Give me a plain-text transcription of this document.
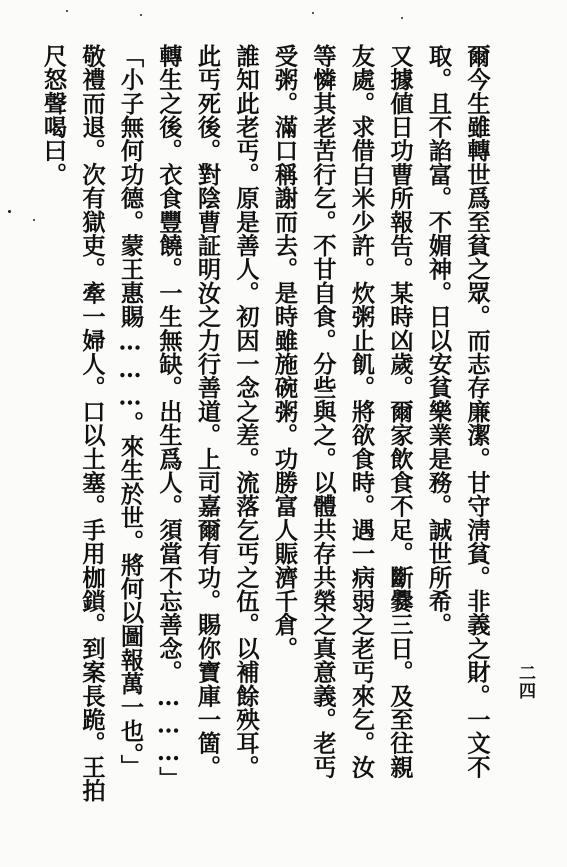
二四
爾今生雖轉世爲至貧之眾。而志存廉潔。甘守淸貧。非義之財。一文不
取。且不諂富。不媚神。日以安貧樂業是務。誠世所希。
又據値日功曹所報告。某時凶歲。爾家飲食不足。斷爨三日。及至往親
友處。求借白米少許。炊粥止飢。將欲食時。遇一病弱之老丐來乞。汝
等憐其老苦行乞。不甘自食。分些與之。以體共存共榮之真意義。老丐
受粥。滿口稱謝而去。是時雖施碗粥。功勝富人賑濟千倉。
誰知此老丐。原是善人。初因一念之差。流落乞丐之伍。以補餘殃耳。
此丐死後。對陰曹証明汝之力行善道。上司嘉爾有功。賜你寶庫一箇。
轉生之後。衣食豐饒。一生無缺。出生爲人。須當不忘善念。………」
「小子無何功德。蒙王惠賜………。來生於世。將何以圖報萬一也。」
敬禮而退。次有獄吏。牽一婦人。口以土塞。手用枷鎖。到案長跪。王拍
尺怒聲喝曰。
